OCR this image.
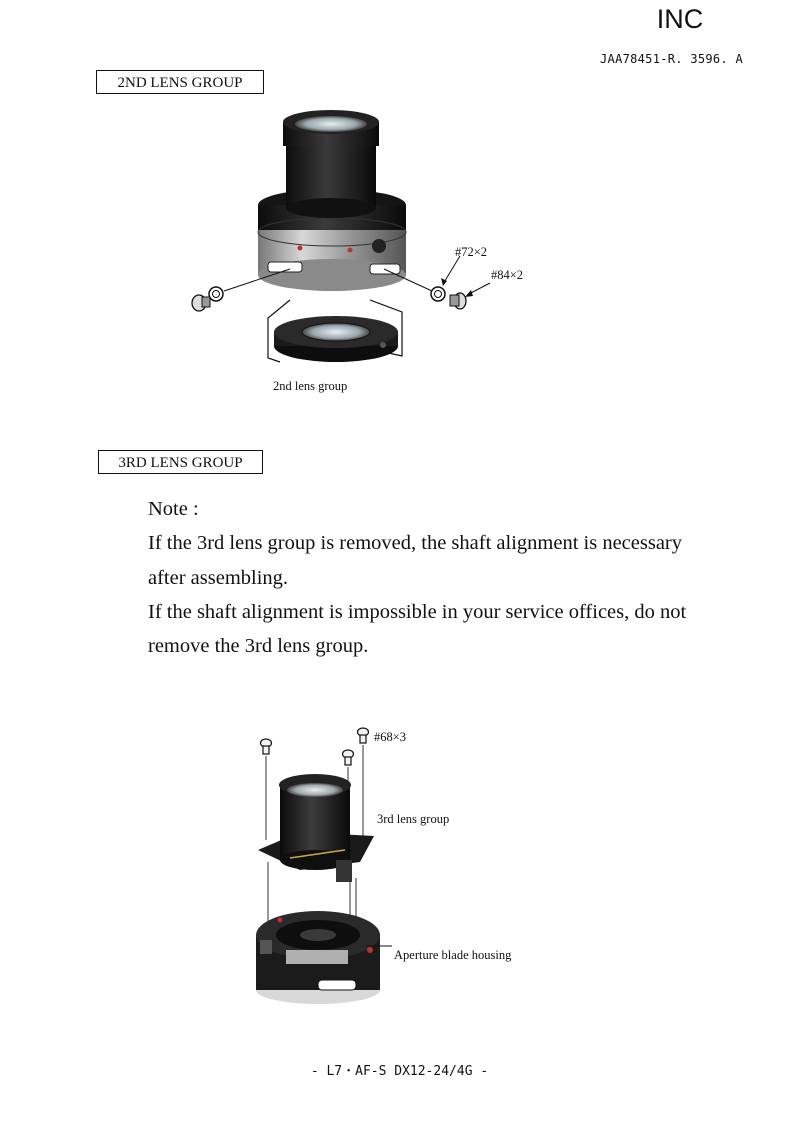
INC
JAA78451-R. 3596. A
2ND LENS GROUP
#72×2
#84×2
2nd lens group
3RD LENS GROUP

Note :

If the 3rd lens group is removed, the shaft alignment is necessary

after assembling.

If the shaft alignment is impossible in your service offices, do not

remove the 3rd lens group.

#68×3
3rd lens group
Aperture blade housing
- L7・AF-S DX12-24/4G -
